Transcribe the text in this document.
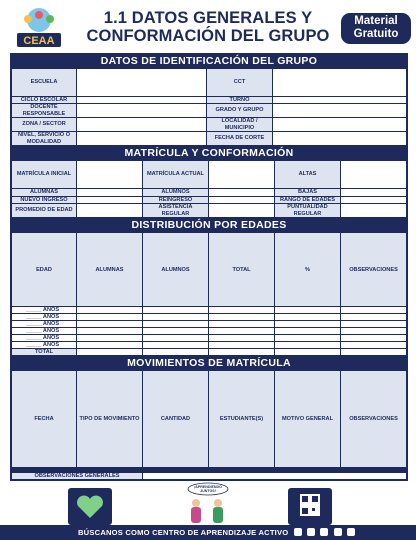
CEAA
1.1 DATOS GENERALES Y CONFORMACIÓN DEL GRUPO
Material Gratuito
DATOS DE IDENTIFICACIÓN DEL GRUPO
ESCUELA		CCT	
CICLO ESCOLAR		TURNO	
DOCENTE RESPONSABLE		GRADO Y GRUPO	
ZONA / SECTOR		LOCALIDAD / MUNICIPIO	
NIVEL, SERVICIO O MODALIDAD		FECHA DE CORTE	
MATRÍCULA Y CONFORMACIÓN
MATRÍCULA INICIAL		MATRÍCULA ACTUAL		ALTAS	
ALUMNAS		ALUMNOS		BAJAS	
NUEVO INGRESO		REINGRESO		RANGO DE EDADES	
PROMEDIO DE EDAD		ASISTENCIA REGULAR		PUNTUALIDAD REGULAR	
DISTRIBUCIÓN POR EDADES
EDAD	ALUMNAS	ALUMNOS	TOTAL	%	OBSERVACIONES
_____ AÑOS					
_____ AÑOS					
_____ AÑOS					
_____ AÑOS					
_____ AÑOS					
_____ AÑOS					
TOTAL					
MOVIMIENTOS DE MATRÍCULA
FECHA	TIPO DE MOVIMIENTO	CANTIDAD	ESTUDIANTE(S)	MOTIVO GENERAL	OBSERVACIONES

OBSERVACIONES GENERALES					
¡APRENDIENDO JUNTOS!
BÚSCANOS COMO CENTRO DE APRENDIZAJE ACTIVO
